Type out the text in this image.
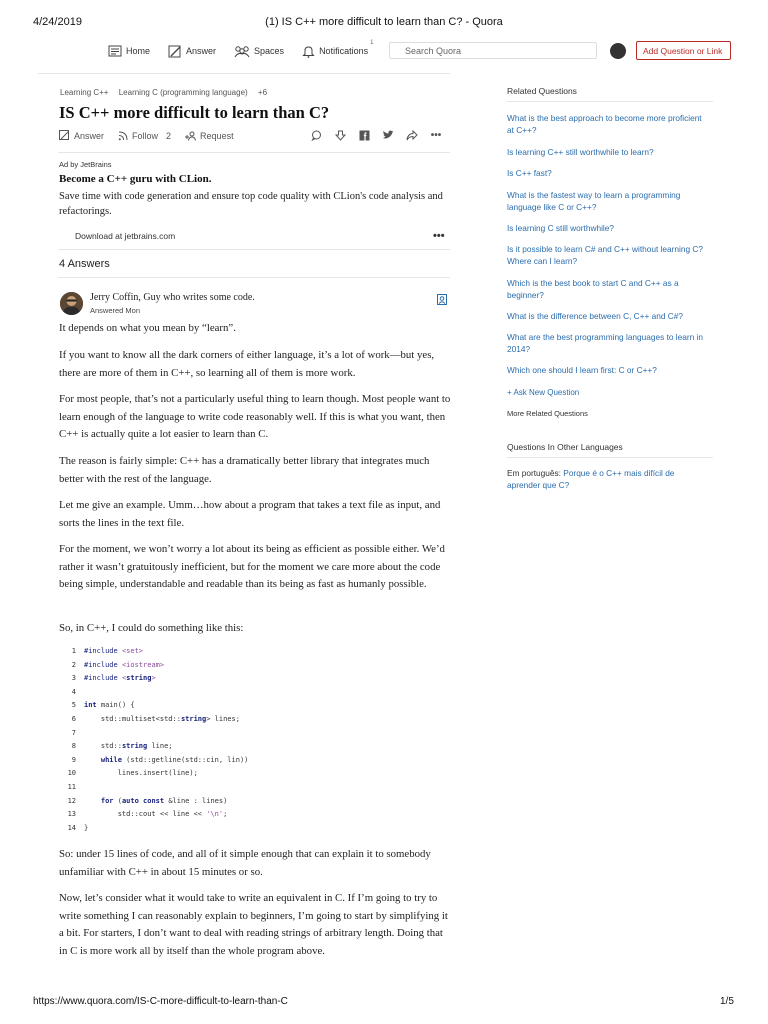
4/24/2019	(1) IS C++ more difficult to learn than C? - Quora
Home	Answer	Spaces	Notifications
1
Search Quora	Add Question or Link
Learning C++ Learning C (programming language) +6
IS C++ more difficult to learn than C?
Answer	Follow 2	Request	•••
Ad by JetBrains
Become a C++ guru with CLion.
Save time with code generation and ensure top code quality with CLion's code analysis and refactorings.
Download at jetbrains.com	•••
4 Answers
Jerry Coffin, Guy who writes some code.
Answered Mon

It depends on what you mean by “learn”.

If you want to know all the dark corners of either language, it’s a lot of work—but yes, there are more of them in C++, so learning all of them is more work.

For most people, that’s not a particularly useful thing to learn though. Most people want to learn enough of the language to write code reasonably well. If this is what you want, then C++ is actually quite a lot easier to learn than C.

The reason is fairly simple: C++ has a dramatically better library that integrates much better with the rest of the language.

Let me give an example. Umm…how about a program that takes a text file as input, and sorts the lines in the text file.

For the moment, we won’t worry a lot about its being as efficient as possible either. We’d rather it wasn’t gratuitously inefficient, but for the moment we care more about the code being simple, understandable and readable than its being as fast as humanly possible.

So, in C++, I could do something like this:

1 #include <set>
2 #include <iostream>
3 #include <string>
4
5 int main() {
6 std::multiset<std::string> lines;
7
8 std::string line;
9	while (std::getline(std::cin, lin))
10 lines.insert(line);
11
12	for (auto const &line : lines)
13 std::cout << line << '\n';
14 }

So: under 15 lines of code, and all of it simple enough that can explain it to somebody unfamiliar with C++ in about 15 minutes or so.

Now, let’s consider what it would take to write an equivalent in C. If I’m going to try to write something I can reasonably explain to beginners, I’m going to start by simplifying it a bit. For starters, I don’t want to deal with reading strings of arbitrary length. Doing that in C is more work all by itself than the whole program above.

Related Questions
What is the best approach to become more proficient at C++?
Is learning C++ still worthwhile to learn?
Is C++ fast?
What is the fastest way to learn a programming language like C or C++?
Is learning C still worthwhile?
Is it possible to learn C# and C++ without learning C? Where can I learn?
Which is the best book to start C and C++ as a beginner?
What is the difference between C, C++ and C#?
What are the best programming languages to learn in 2014?
Which one should I learn first: C or C++?
+ Ask New Question
More Related Questions
Questions In Other Languages
Em português: Porque é o C++ mais difícil de aprender que C?
https://www.quora.com/IS-C-more-difficult-to-learn-than-C	1/5
